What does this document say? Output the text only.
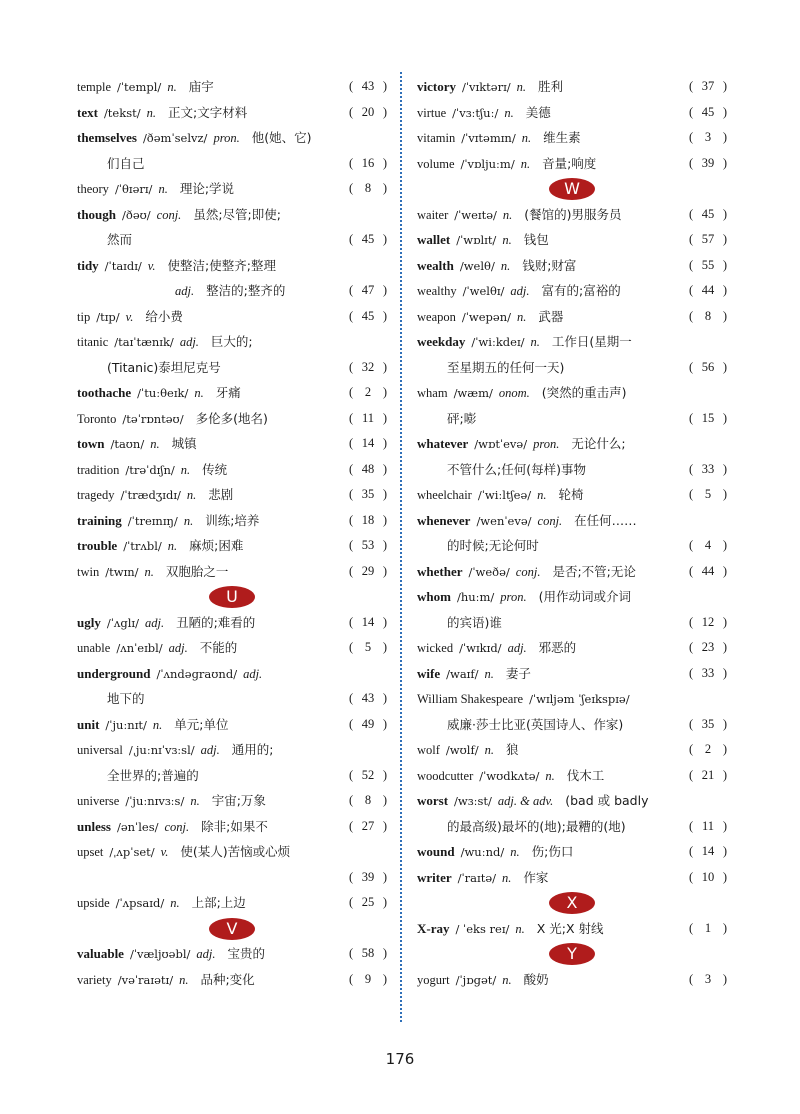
temple /ˈtempl/ n. 庙宇	( 43 )
text /tekst/ n. 正文;文字材料	( 20 )
themselves /ðəmˈselvz/ pron. 他(她、它)
们自己	( 16 )
theory /ˈθɪərɪ/ n. 理论;学说	( 8 )
though /ðəʊ/ conj. 虽然;尽管;即使;
然而	( 45 )
tidy /ˈtaɪdɪ/ v. 使整洁;使整齐;整理
adj. 整洁的;整齐的	( 47 )
tip /tɪp/ v. 给小费	( 45 )
titanic /taɪˈtænɪk/ adj. 巨大的;
(Titanic)泰坦尼克号	( 32 )
toothache /ˈtuːθeɪk/ n. 牙痛	( 2 )
Toronto /təˈrɒntəʊ/ 多伦多(地名)	( 11 )
town /taʊn/ n. 城镇	( 14 )
tradition /trəˈdɪʃn/ n. 传统	( 48 )
tragedy /ˈtrædʒɪdɪ/ n. 悲剧	( 35 )
training /ˈtreɪnɪŋ/ n. 训练;培养	( 18 )
trouble /ˈtrʌbl/ n. 麻烦;困难	( 53 )
twin /twɪn/ n. 双胞胎之一	( 29 )
U
ugly /ˈʌglɪ/ adj. 丑陋的;难看的	( 14 )
unable /ʌnˈeɪbl/ adj. 不能的	( 5 )
underground /ˈʌndəgraʊnd/ adj.
地下的	( 43 )
unit /ˈjuːnɪt/ n. 单元;单位	( 49 )
universal /ˌjuːnɪˈvɜːsl/ adj. 通用的;
全世界的;普遍的	( 52 )
universe /ˈjuːnɪvɜːs/ n. 宇宙;万象	( 8 )
unless /ənˈles/ conj. 除非;如果不	( 27 )
upset /ˌʌpˈset/ v. 使(某人)苦恼或心烦
( 39 )
upside /ˈʌpsaɪd/ n. 上部;上边	( 25 )
V
valuable /ˈvæljʊəbl/ adj. 宝贵的	( 58 )
variety /vəˈraɪətɪ/ n. 品种;变化	( 9 )
victory /ˈvɪktərɪ/ n. 胜利	( 37 )
virtue /ˈvɜːtʃuː/ n. 美德	( 45 )
vitamin /ˈvɪtəmɪn/ n. 维生素	( 3 )
volume /ˈvɒljuːm/ n. 音量;响度	( 39 )
W
waiter /ˈweɪtə/ n. (餐馆的)男服务员	( 45 )
wallet /ˈwɒlɪt/ n. 钱包	( 57 )
wealth /welθ/ n. 钱财;财富	( 55 )
wealthy /ˈwelθɪ/ adj. 富有的;富裕的	( 44 )
weapon /ˈwepən/ n. 武器	( 8 )
weekday /ˈwiːkdeɪ/ n. 工作日(星期一
至星期五的任何一天)	( 56 )
wham /wæm/ onom. (突然的重击声)
砰;嘭	( 15 )
whatever /wɒtˈevə/ pron. 无论什么;
不管什么;任何(每样)事物	( 33 )
wheelchair /ˈwiːltʃeə/ n. 轮椅	( 5 )
whenever /wenˈevə/ conj. 在任何……
的时候;无论何时	( 4 )
whether /ˈweðə/ conj. 是否;不管;无论	( 44 )
whom /huːm/ pron. (用作动词或介词
的宾语)谁	( 12 )
wicked /ˈwɪkɪd/ adj. 邪恶的	( 23 )
wife /waɪf/ n. 妻子	( 33 )
William Shakespeare /ˈwɪljəm ˈʃeɪkspɪə/
威廉·莎士比亚(英国诗人、作家)	( 35 )
wolf /wʊlf/ n. 狼	( 2 )
woodcutter /ˈwʊdkʌtə/ n. 伐木工	( 21 )
worst /wɜːst/ adj. & adv. (bad 或 badly
的最高级)最坏的(地);最糟的(地)	( 11 )
wound /wuːnd/ n. 伤;伤口	( 14 )
writer /ˈraɪtə/ n. 作家	( 10 )
X
X-ray / ˈeks reɪ/ n. X 光;X 射线	( 1 )
Y
yogurt /ˈjɒgət/ n. 酸奶	( 3 )
176
